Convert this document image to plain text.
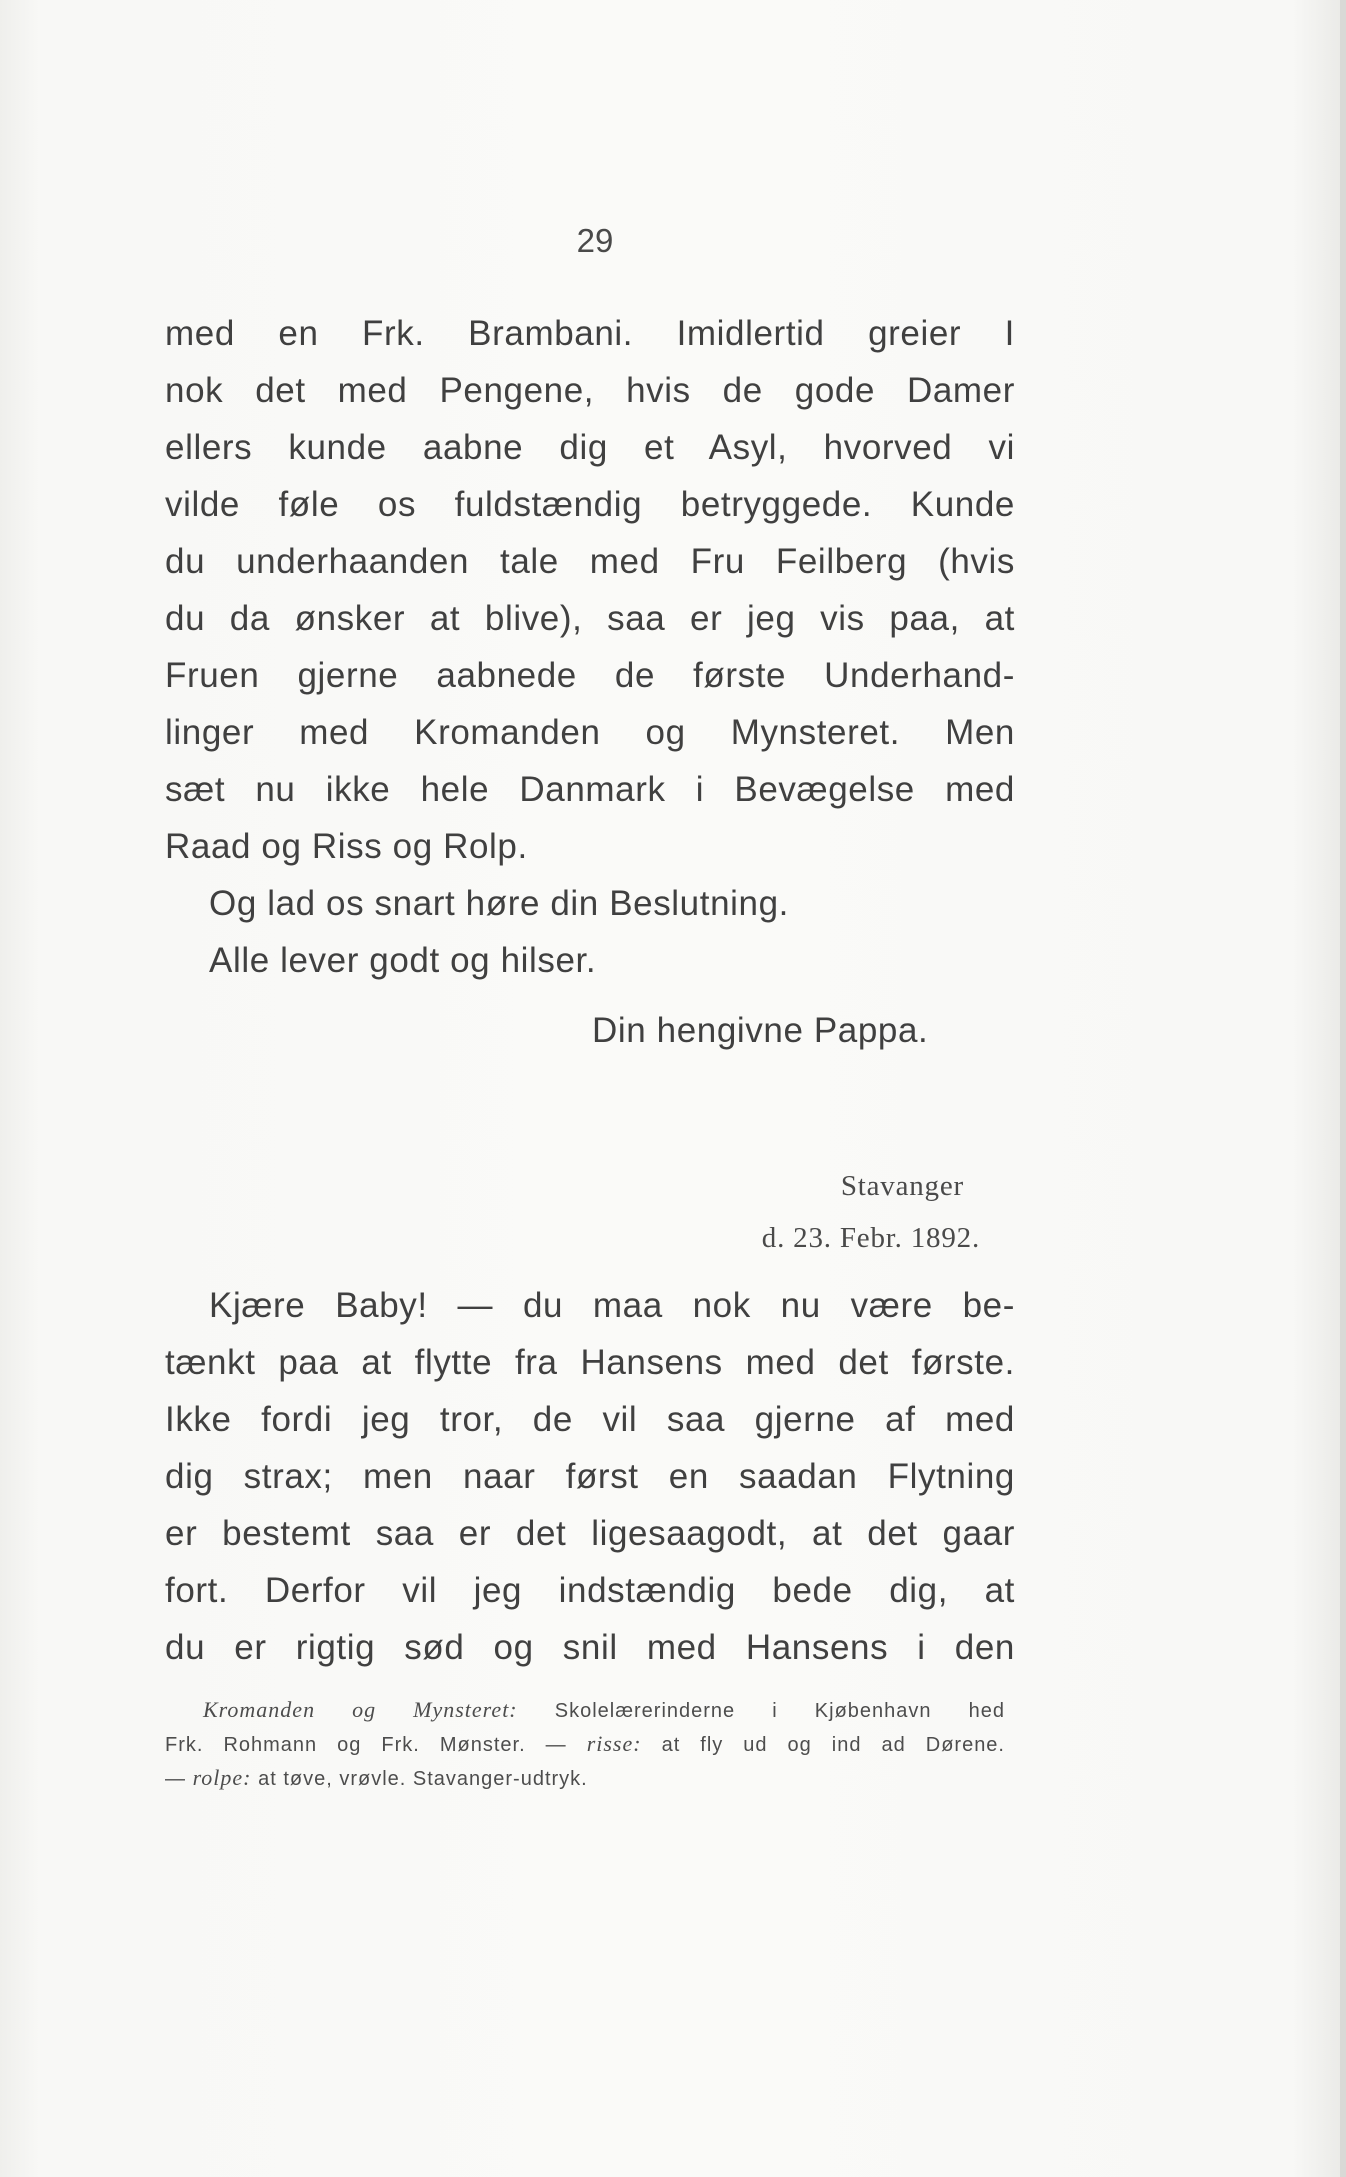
29
med en Frk. Brambani. Imidlertid greier I
nok det med Pengene, hvis de gode Damer
ellers kunde aabne dig et Asyl, hvorved vi
vilde føle os fuldstændig betryggede. Kunde
du underhaanden tale med Fru Feilberg (hvis
du da ønsker at blive), saa er jeg vis paa, at
Fruen gjerne aabnede de første Underhand-
linger med Kromanden og Mynsteret. Men
sæt nu ikke hele Danmark i Bevægelse med
Raad og Riss og Rolp.
Og lad os snart høre din Beslutning.
Alle lever godt og hilser.
Din hengivne Pappa.
Stavanger
d. 23. Febr. 1892.
Kjære Baby! — du maa nok nu være be-
tænkt paa at flytte fra Hansens med det første.
Ikke fordi jeg tror, de vil saa gjerne af med
dig strax; men naar først en saadan Flytning
er bestemt saa er det ligesaagodt, at det gaar
fort. Derfor vil jeg indstændig bede dig, at
du er rigtig sød og snil med Hansens i den
Kromanden og Mynsteret: Skolelærerinderne i Kjøbenhavn hed
Frk. Rohmann og Frk. Mønster. — risse: at fly ud og ind ad Dørene.
— rolpe: at tøve, vrøvle. Stavanger-udtryk.
